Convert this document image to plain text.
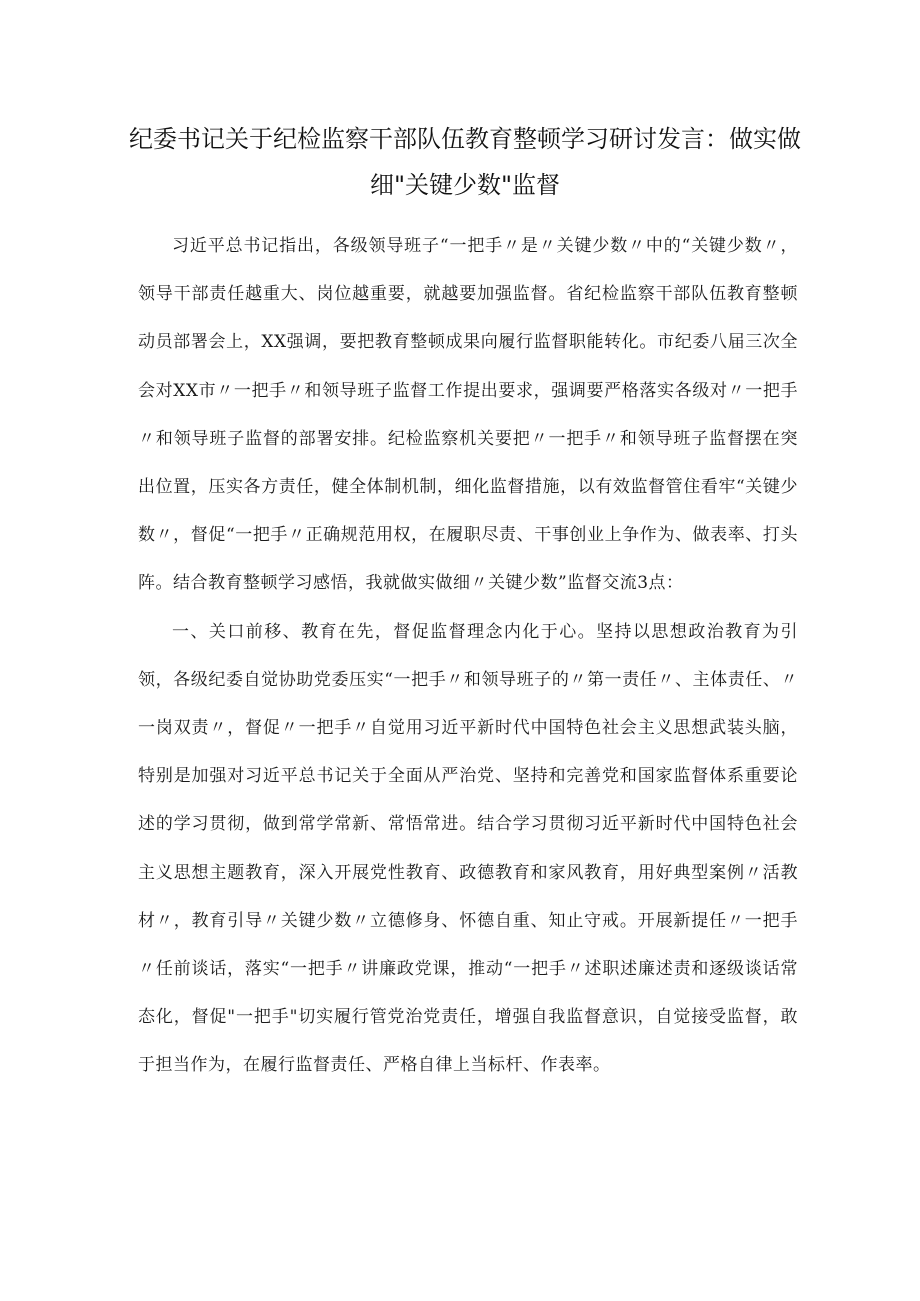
纪委书记关于纪检监察干部队伍教育整顿学习研讨发言：做实做细"关键少数"监督

习近平总书记指出，各级领导班子“一把手〃是〃关键少数〃中的“关键少数〃，领导干部责任越重大、岗位越重要，就越要加强监督。省纪检监察干部队伍教育整顿动员部署会上，XX强调，要把教育整顿成果向履行监督职能转化。市纪委八届三次全会对XX市〃一把手〃和领导班子监督工作提出要求，强调要严格落实各级对〃一把手〃和领导班子监督的部署安排。纪检监察机关要把〃一把手〃和领导班子监督摆在突出位置，压实各方责任，健全体制机制，细化监督措施，以有效监督管住看牢“关键少数〃，督促“一把手〃正确规范用权，在履职尽责、干事创业上争作为、做表率、打头阵。结合教育整顿学习感悟，我就做实做细〃关键少数”监督交流3点：

一、关口前移、教育在先，督促监督理念内化于心。坚持以思想政治教育为引领，各级纪委自觉协助党委压实“一把手〃和领导班子的〃第一责任〃、主体责任、〃一岗双责〃，督促〃一把手〃自觉用习近平新时代中国特色社会主义思想武装头脑，特别是加强对习近平总书记关于全面从严治党、坚持和完善党和国家监督体系重要论述的学习贯彻，做到常学常新、常悟常进。结合学习贯彻习近平新时代中国特色社会主义思想主题教育，深入开展党性教育、政德教育和家风教育，用好典型案例〃活教材〃，教育引导〃关键少数〃立德修身、怀德自重、知止守戒。开展新提任〃一把手〃任前谈话，落实“一把手〃讲廉政党课，推动“一把手〃述职述廉述责和逐级谈话常态化，督促"一把手"切实履行管党治党责任，增强自我监督意识，自觉接受监督，敢于担当作为，在履行监督责任、严格自律上当标杆、作表率。
